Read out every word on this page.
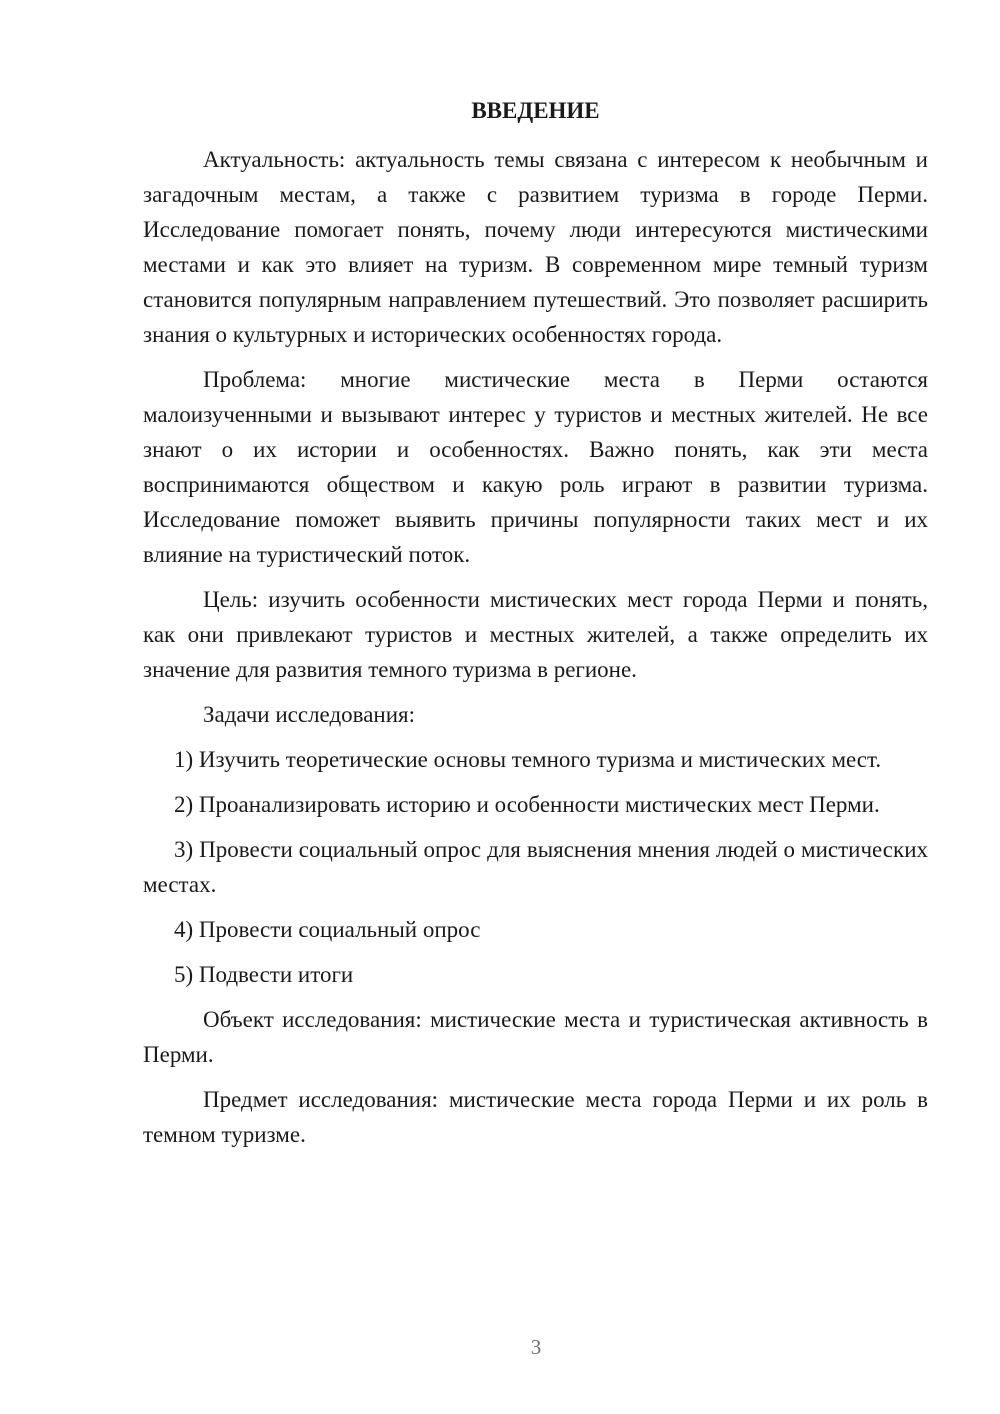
ВВЕДЕНИЕ

Актуальность: актуальность темы связана с интересом к необычным и загадочным местам, а также с развитием туризма в городе Перми. Исследование помогает понять, почему люди интересуются мистическими местами и как это влияет на туризм. В современном мире темный туризм становится популярным направлением путешествий. Это позволяет расширить знания о культурных и исторических особенностях города.

Проблема: многие мистические места в Перми остаются малоизученными и вызывают интерес у туристов и местных жителей. Не все знают о их истории и особенностях. Важно понять, как эти места воспринимаются обществом и какую роль играют в развитии туризма. Исследование поможет выявить причины популярности таких мест и их влияние на туристический поток.

Цель: изучить особенности мистических мест города Перми и понять, как они привлекают туристов и местных жителей, а также определить их значение для развития темного туризма в регионе.

Задачи исследования:

1) Изучить теоретические основы темного туризма и мистических мест.

2) Проанализировать историю и особенности мистических мест Перми.

3) Провести социальный опрос для выяснения мнения людей о мистических местах.

4) Провести социальный опрос

5) Подвести итоги

Объект исследования: мистические места и туристическая активность в Перми.

Предмет исследования: мистические места города Перми и их роль в темном туризме.

3
